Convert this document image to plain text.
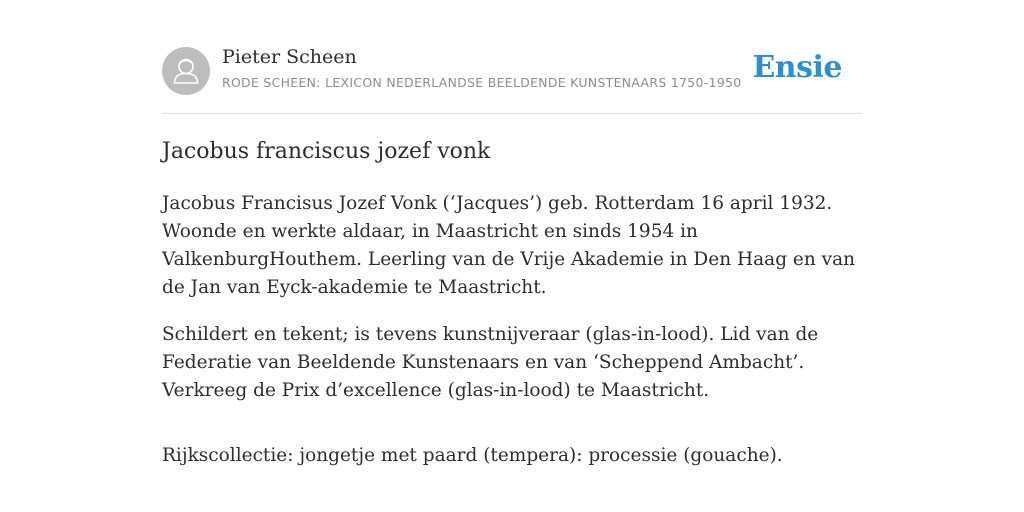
Pieter Scheen
RODE SCHEEN: LEXICON NEDERLANDSE BEELDENDE KUNSTENAARS 1750-1950 Ensie
Jacobus franciscus jozef vonk

Jacobus Francisus Jozef Vonk (‘Jacques’) geb. Rotterdam 16 april 1932. Woonde en werkte aldaar, in Maastricht en sinds 1954 in ValkenburgHouthem. Leerling van de Vrije Akademie in Den Haag en van de Jan van Eyck-akademie te Maastricht.

Schildert en tekent; is tevens kunstnijveraar (glas-in-lood). Lid van de Federatie van Beeldende Kunstenaars en van ‘Scheppend Ambacht’. Verkreeg de Prix d’excellence (glas-in-lood) te Maastricht.

Rijkscollectie: jongetje met paard (tempera): processie (gouache).
